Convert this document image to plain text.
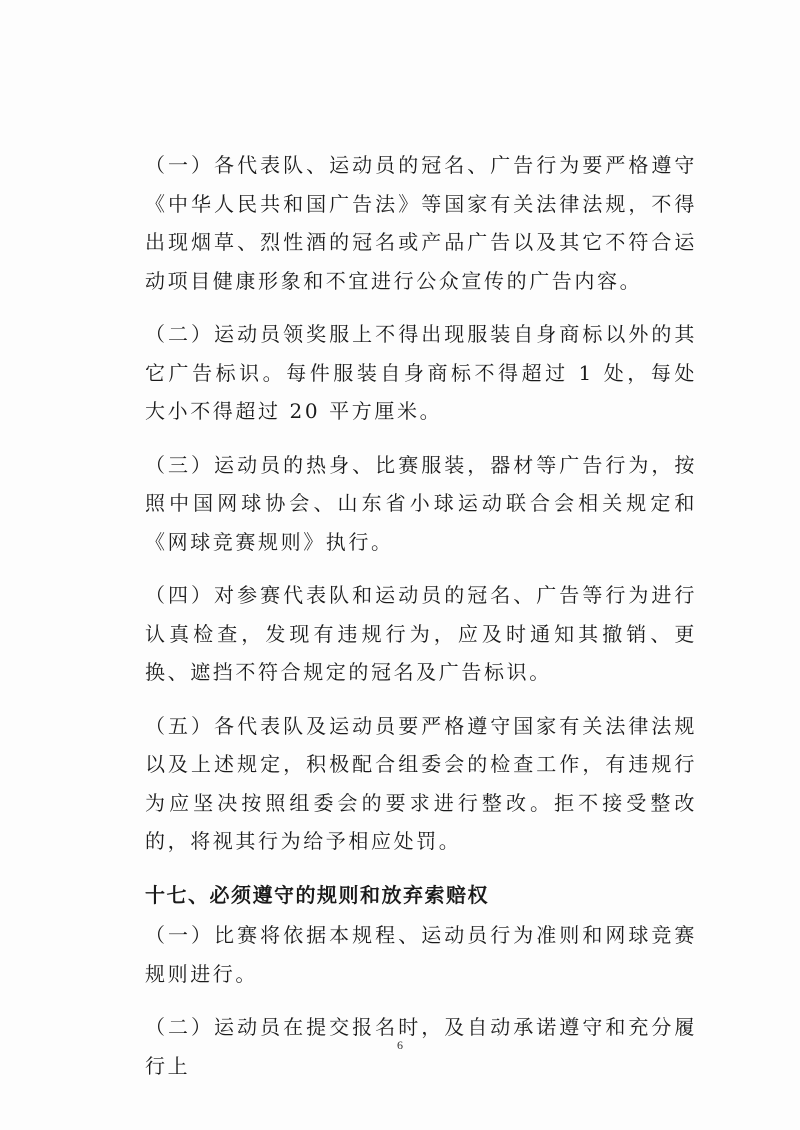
（一）各代表队、运动员的冠名、广告行为要严格遵守《中华人民共和国广告法》等国家有关法律法规，不得出现烟草、烈性酒的冠名或产品广告以及其它不符合运动项目健康形象和不宜进行公众宣传的广告内容。

（二）运动员领奖服上不得出现服装自身商标以外的其它广告标识。每件服装自身商标不得超过 1 处，每处大小不得超过 20 平方厘米。

（三）运动员的热身、比赛服装，器材等广告行为，按照中国网球协会、山东省小球运动联合会相关规定和《网球竞赛规则》执行。

（四）对参赛代表队和运动员的冠名、广告等行为进行认真检查，发现有违规行为，应及时通知其撤销、更换、遮挡不符合规定的冠名及广告标识。

（五）各代表队及运动员要严格遵守国家有关法律法规以及上述规定，积极配合组委会的检查工作，有违规行为应坚决按照组委会的要求进行整改。拒不接受整改的，将视其行为给予相应处罚。

十七、必须遵守的规则和放弃索赔权

（一）比赛将依据本规程、运动员行为准则和网球竞赛规则进行。

（二）运动员在提交报名时，及自动承诺遵守和充分履行上

6
